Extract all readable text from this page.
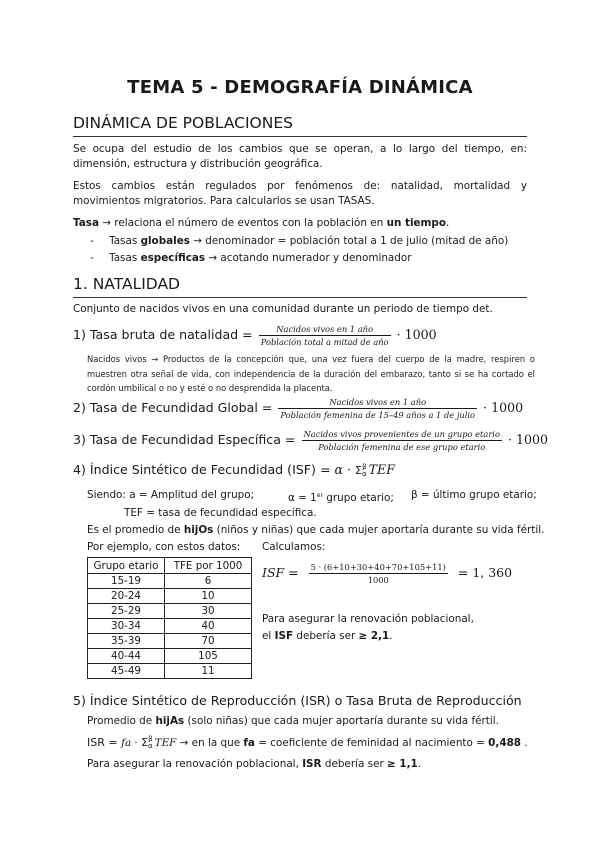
TEMA 5 - DEMOGRAFÍA DINÁMICA
DINÁMICA DE POBLACIONES
Se ocupa del estudio de los cambios que se operan, a lo largo del tiempo, en: dimensión, estructura y distribución geográfica.
Estos cambios están regulados por fenómenos de: natalidad, mortalidad y movimientos migratorios. Para calcularlos se usan TASAS.
Tasa → relaciona el número de eventos con la población en un tiempo.
- Tasas globales → denominador = población total a 1 de julio (mitad de año)
- Tasas específicas → acotando numerador y denominador
1. NATALIDAD
Conjunto de nacidos vivos en una comunidad durante un periodo de tiempo det.
1) Tasa bruta de natalidad = $\frac{\text{Nacidos vivos en 1 año}}{\text{Población total a mitad de año}} \cdot 1000$
Nacidos vivos → Productos de la concepción que, una vez fuera del cuerpo de la madre, respiren o muestren otra señal de vida, con independencia de la duración del embarazo, tanto si se ha cortado el cordón umbilical o no y esté o no desprendida la placenta.
2) Tasa de Fecundidad Global = $\frac{\text{Nacidos vivos en 1 año}}{\text{Población femenina de 15–49 años a 1 de julio}} \cdot 1000$
3) Tasa de Fecundidad Específica = $\frac{\text{Nacidos vivos provenientes de un grupo etario}}{\text{Población femenina de ese grupo etario}} \cdot 1000$
4) Índice Sintético de Fecundidad (ISF) = α · Σ β
α TEF
Siendo: a = Amplitud del grupo;	α = 1er grupo etario; β = último grupo etario;
TEF = tasa de fecundidad específica.
Es el promedio de hijOs (niños y niñas) que cada mujer aportaría durante su vida fértil.
Por ejemplo, con estos datos: Calculamos:
Grupo etario	TFE por 1000
15-19	6
20-24	10
25-29	30
30-34	40
35-39	70
40-44	105
45-49	11
ISF = $\frac{5 \cdot (6+10+30+40+70+105+11)}{1000} = 1$, 360
Para asegurar la renovación poblacional,
el ISF debería ser ≥ 2,1.
5) Índice Sintético de Reproducción (ISR) o Tasa Bruta de Reproducción
Promedio de hijAs (solo niñas) que cada mujer aportaría durante su vida fértil.
ISR = fa · Σ β
α TEF → en la que fa = coeficiente de feminidad al nacimiento = 0,488 .
Para asegurar la renovación poblacional, ISR debería ser ≥ 1,1.
